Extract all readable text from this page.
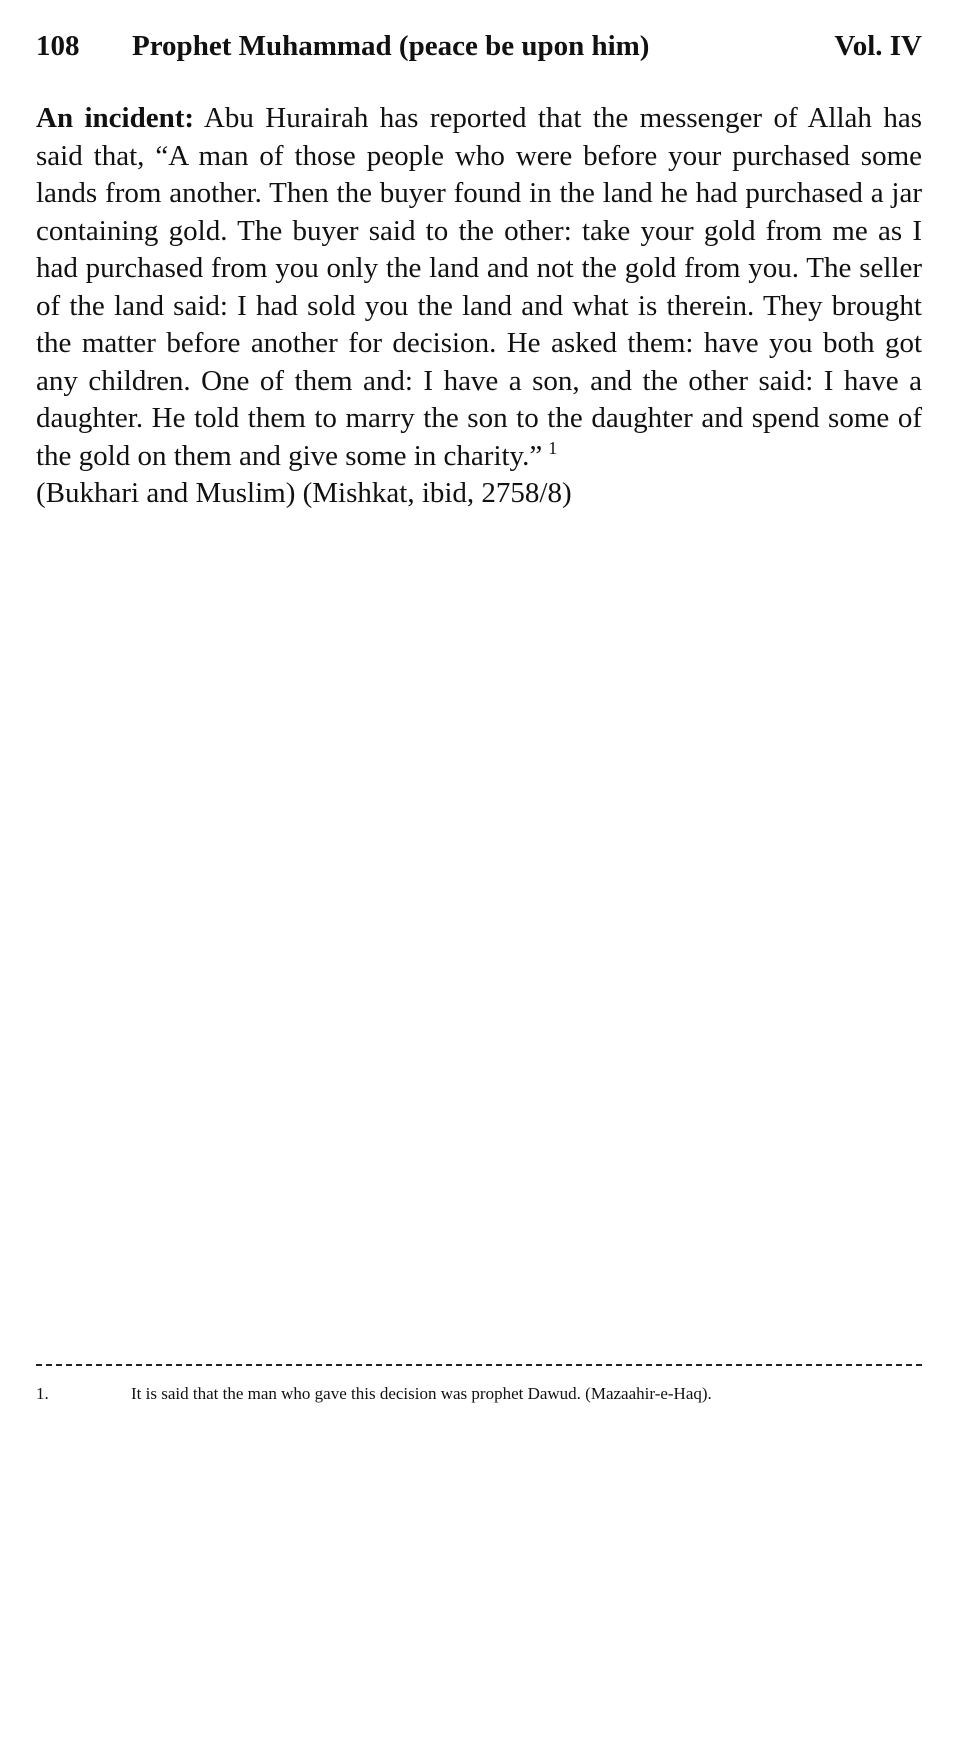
108 Prophet Muhammad (peace be upon him)	Vol. IV
An incident: Abu Hurairah has reported that the messenger of Allah has said that, “A man of those people who were before your purchased some lands from another. Then the buyer found in the land he had purchased a jar containing gold. The buyer said to the other: take your gold from me as I had purchased from you only the land and not the gold from you. The seller of the land said: I had sold you the land and what is therein. They brought the matter before another for decision. He asked them: have you both got any children. One of them and: I have a son, and the other said: I have a daughter. He told them to marry the son to the daughter and spend some of the gold on them and give some in charity.” $^1$
(Bukhari and Muslim) (Mishkat, ibid, 2758/8)
1.	It is said that the man who gave this decision was prophet Dawud. (Mazaahir-e-Haq).
